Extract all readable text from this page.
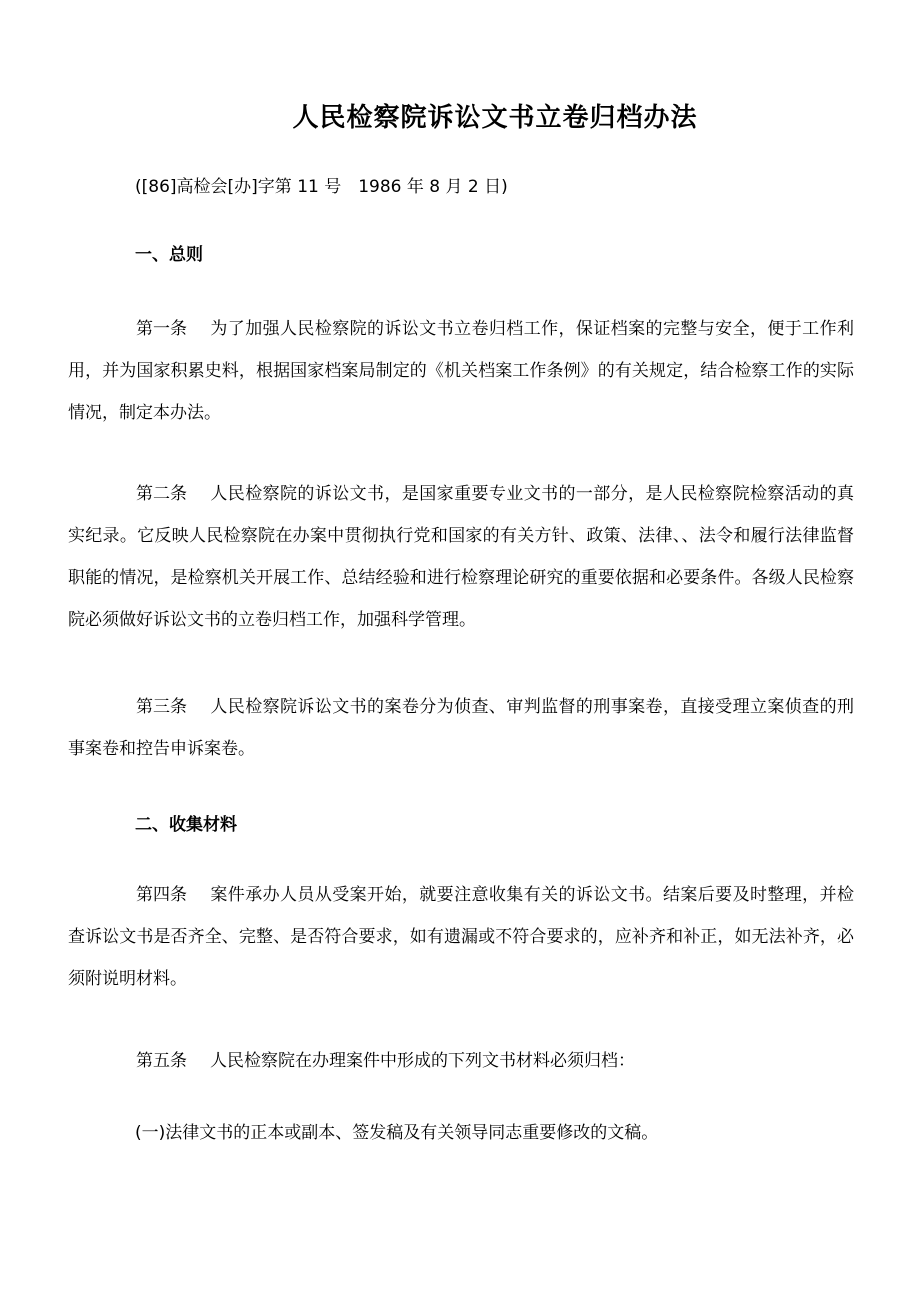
人民检察院诉讼文书立卷归档办法
([86]高检会[办]字第 11 号　1986 年 8 月 2 日)
一、总则
第一条 为了加强人民检察院的诉讼文书立卷归档工作，保证档案的完整与安全，便于工作利用，并为国家积累史料，根据国家档案局制定的《机关档案工作条例》的有关规定，结合检察工作的实际情况，制定本办法。
第二条 人民检察院的诉讼文书，是国家重要专业文书的一部分，是人民检察院检察活动的真实纪录。它反映人民检察院在办案中贯彻执行党和国家的有关方针、政策、法律、、法令和履行法律监督职能的情况，是检察机关开展工作、总结经验和进行检察理论研究的重要依据和必要条件。各级人民检察院必须做好诉讼文书的立卷归档工作，加强科学管理。
第三条 人民检察院诉讼文书的案卷分为侦查、审判监督的刑事案卷，直接受理立案侦查的刑事案卷和控告申诉案卷。
二、收集材料
第四条 案件承办人员从受案开始，就要注意收集有关的诉讼文书。结案后要及时整理，并检查诉讼文书是否齐全、完整、是否符合要求，如有遗漏或不符合要求的，应补齐和补正，如无法补齐，必须附说明材料。
第五条 人民检察院在办理案件中形成的下列文书材料必须归档：
(一)法律文书的正本或副本、签发稿及有关领导同志重要修改的文稿。
